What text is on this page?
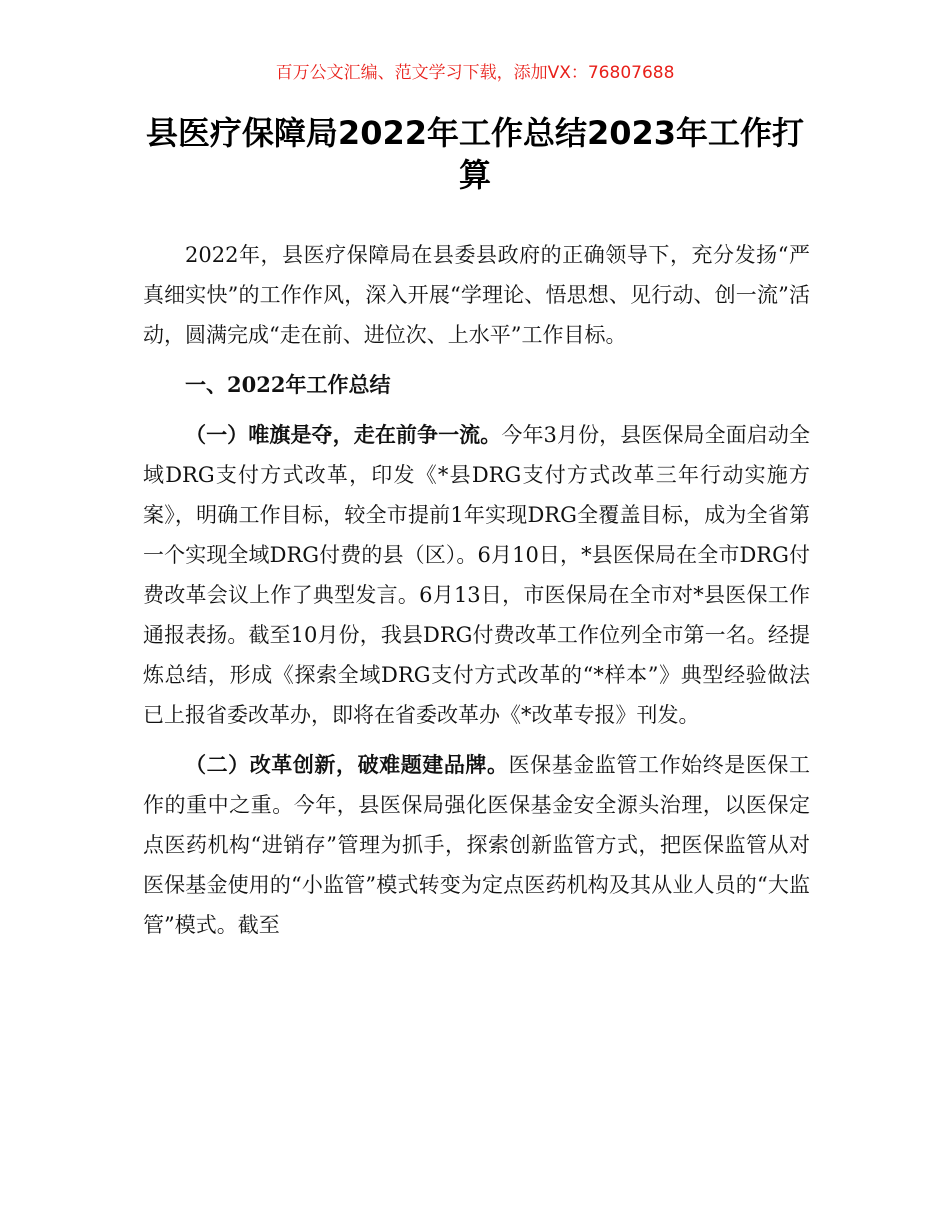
百万公文汇编、范文学习下载，添加VX：76807688
县医疗保障局2022年工作总结2023年工作打算

2022年，县医疗保障局在县委县政府的正确领导下，充分发扬“严真细实快”的工作作风，深入开展“学理论、悟思想、见行动、创一流”活动，圆满完成“走在前、进位次、上水平”工作目标。

一、2022年工作总结

（一）唯旗是夺，走在前争一流。今年3月份，县医保局全面启动全域DRG支付方式改革，印发《*县DRG支付方式改革三年行动实施方案》，明确工作目标，较全市提前1年实现DRG全覆盖目标，成为全省第一个实现全域DRG付费的县（区）。6月10日，*县医保局在全市DRG付费改革会议上作了典型发言。6月13日，市医保局在全市对*县医保工作通报表扬。截至10月份，我县DRG付费改革工作位列全市第一名。经提炼总结，形成《探索全域DRG支付方式改革的“*样本”》典型经验做法已上报省委改革办，即将在省委改革办《*改革专报》刊发。

（二）改革创新，破难题建品牌。医保基金监管工作始终是医保工作的重中之重。今年，县医保局强化医保基金安全源头治理，以医保定点医药机构“进销存”管理为抓手，探索创新监管方式，把医保监管从对医保基金使用的“小监管”模式转变为定点医药机构及其从业人员的“大监管”模式。截至
